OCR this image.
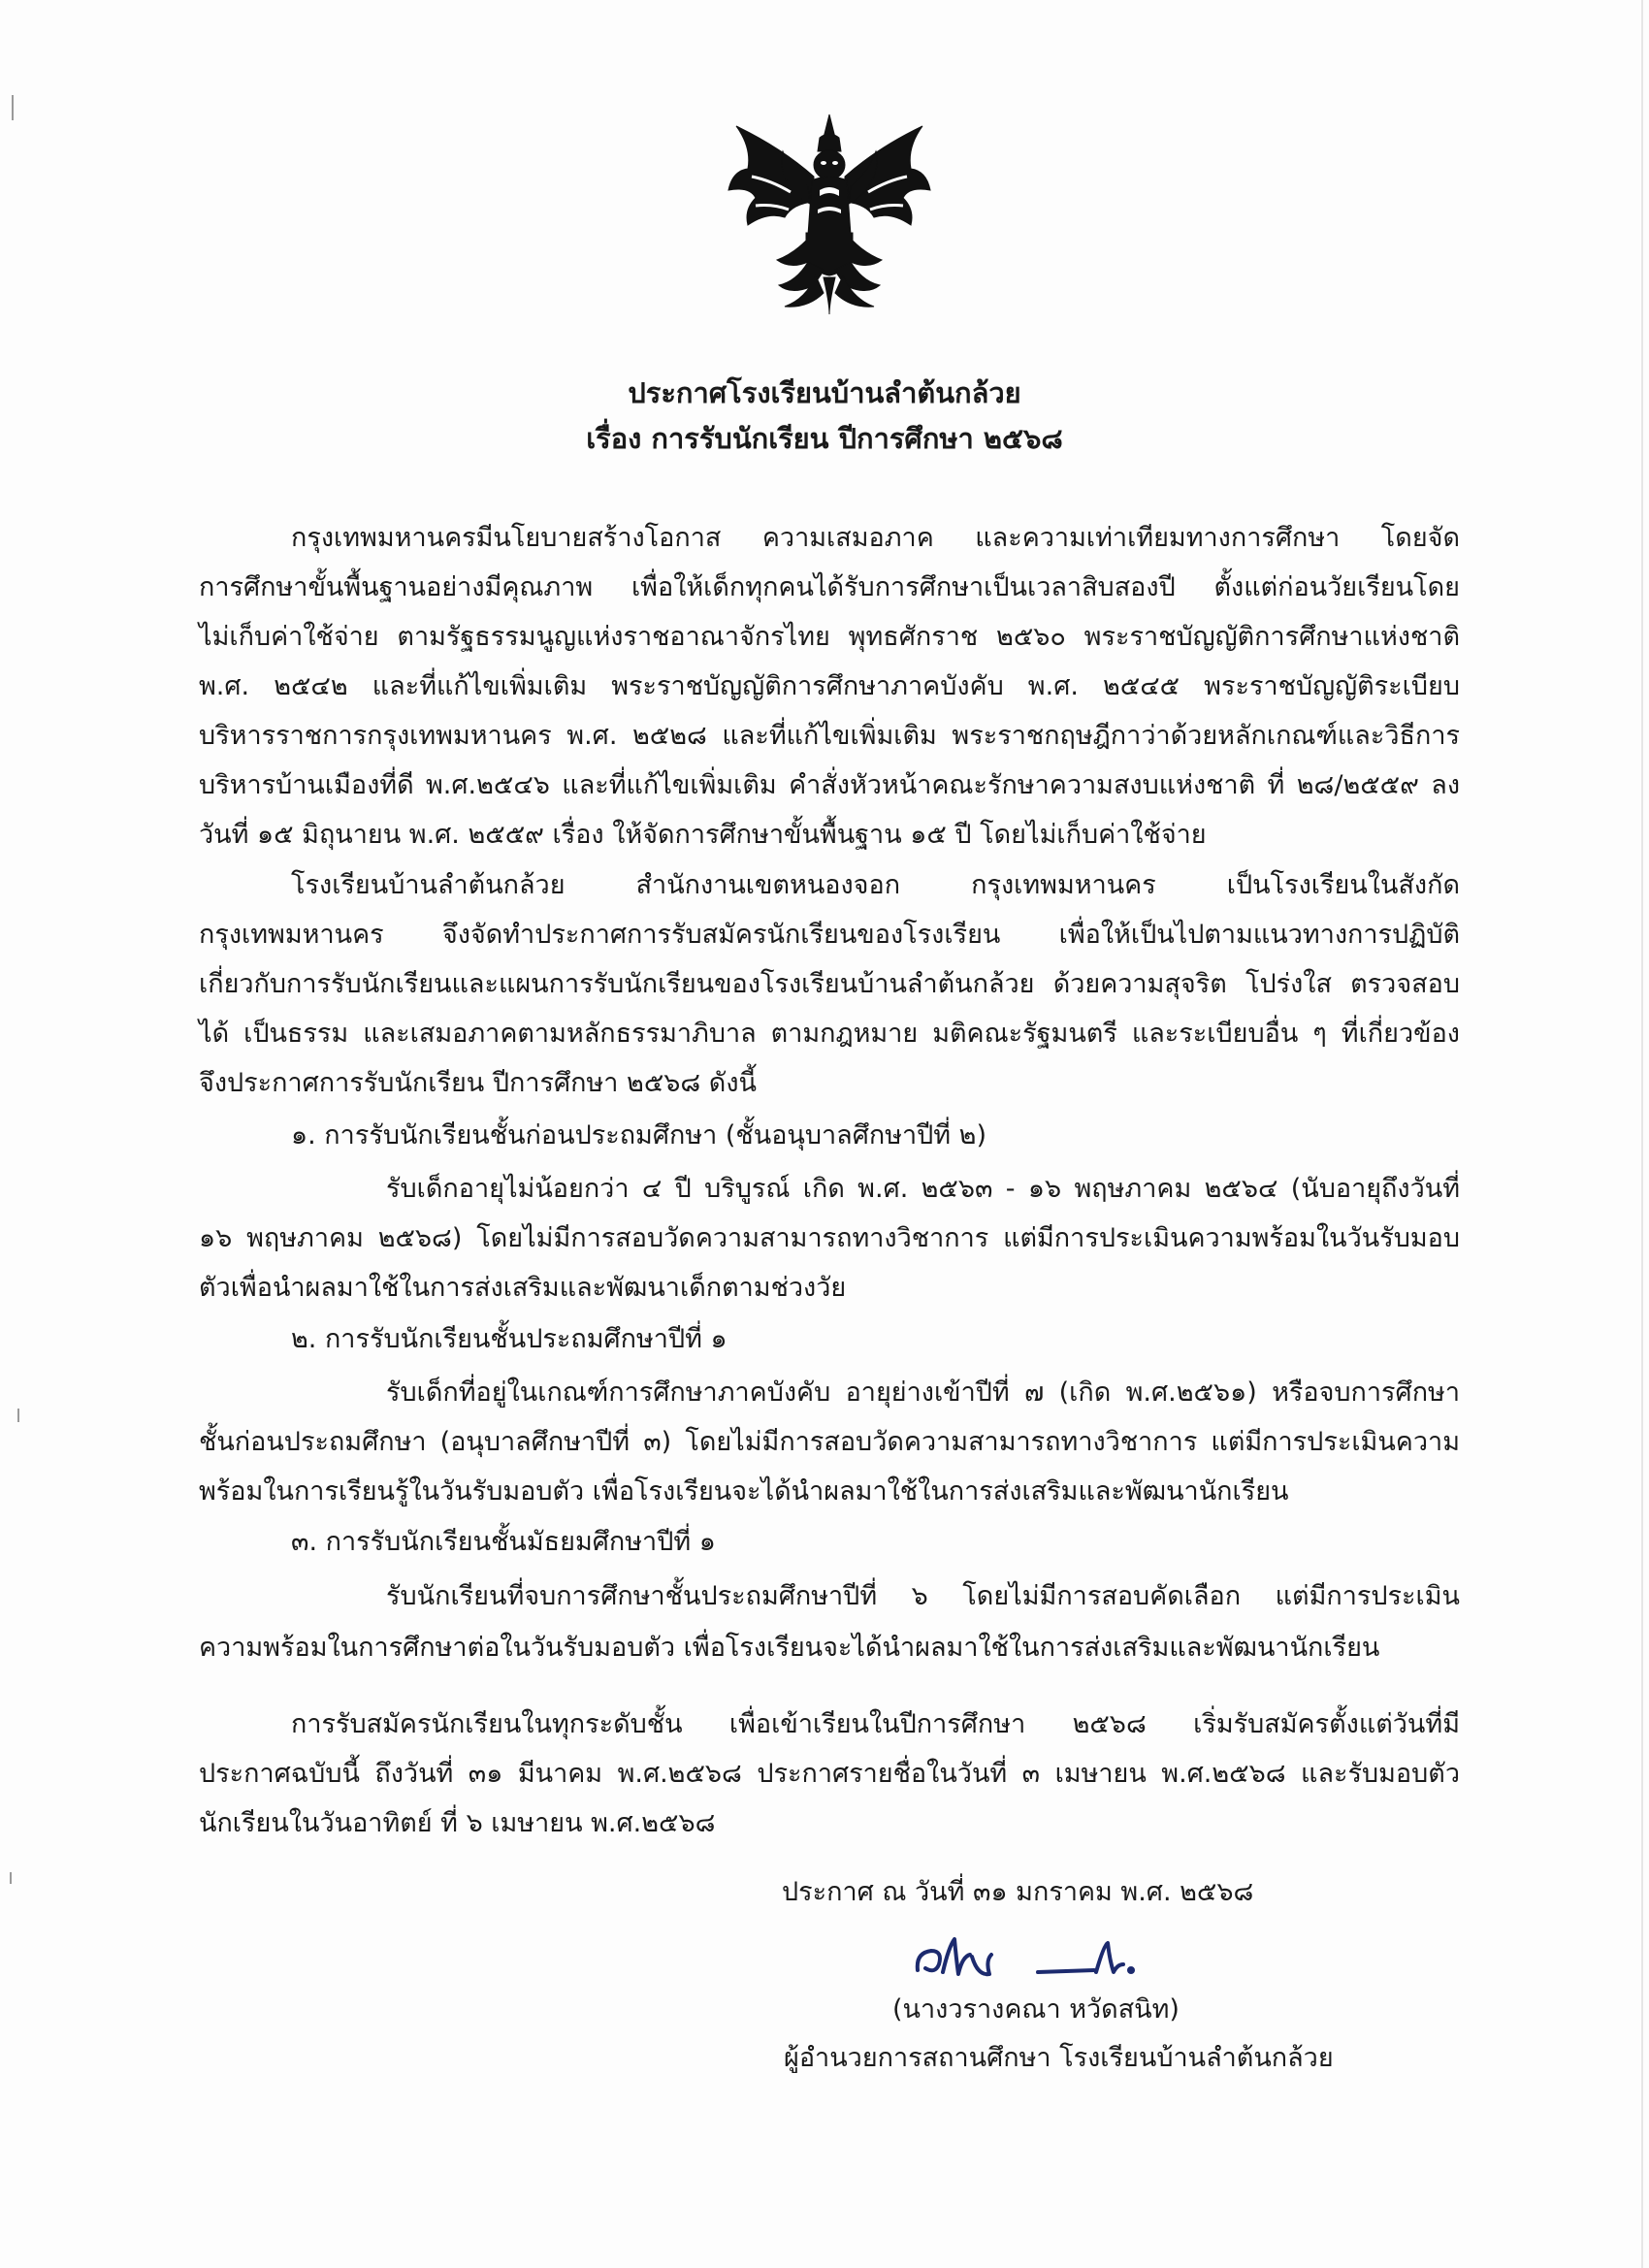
ประกาศโรงเรียนบ้านลำต้นกล้วย
เรื่อง การรับนักเรียน ปีการศึกษา ๒๕๖๘
กรุงเทพมหานครมีนโยบายสร้างโอกาส ความเสมอภาค และความเท่าเทียมทางการศึกษา โดยจัด
การศึกษาขั้นพื้นฐานอย่างมีคุณภาพ เพื่อให้เด็กทุกคนได้รับการศึกษาเป็นเวลาสิบสองปี ตั้งแต่ก่อนวัยเรียนโดย
ไม่เก็บค่าใช้จ่าย ตามรัฐธรรมนูญแห่งราชอาณาจักรไทย พุทธศักราช ๒๕๖๐ พระราชบัญญัติการศึกษาแห่งชาติ
พ.ศ. ๒๕๔๒ และที่แก้ไขเพิ่มเติม พระราชบัญญัติการศึกษาภาคบังคับ พ.ศ. ๒๕๔๕ พระราชบัญญัติระเบียบ
บริหารราชการกรุงเทพมหานคร พ.ศ. ๒๕๒๘ และที่แก้ไขเพิ่มเติม พระราชกฤษฎีกาว่าด้วยหลักเกณฑ์และวิธีการ
บริหารบ้านเมืองที่ดี พ.ศ.๒๕๔๖ และที่แก้ไขเพิ่มเติม คำสั่งหัวหน้าคณะรักษาความสงบแห่งชาติ ที่ ๒๘/๒๕๕๙ ลง
วันที่ ๑๕ มิถุนายน พ.ศ. ๒๕๕๙ เรื่อง ให้จัดการศึกษาขั้นพื้นฐาน ๑๕ ปี โดยไม่เก็บค่าใช้จ่าย
โรงเรียนบ้านลำต้นกล้วย สำนักงานเขตหนองจอก กรุงเทพมหานคร เป็นโรงเรียนในสังกัด
กรุงเทพมหานคร จึงจัดทำประกาศการรับสมัครนักเรียนของโรงเรียน เพื่อให้เป็นไปตามแนวทางการปฏิบัติ
เกี่ยวกับการรับนักเรียนและแผนการรับนักเรียนของโรงเรียนบ้านลำต้นกล้วย ด้วยความสุจริต โปร่งใส ตรวจสอบ
ได้ เป็นธรรม และเสมอภาคตามหลักธรรมาภิบาล ตามกฎหมาย มติคณะรัฐมนตรี และระเบียบอื่น ๆ ที่เกี่ยวข้อง
จึงประกาศการรับนักเรียน ปีการศึกษา ๒๕๖๘ ดังนี้
๑. การรับนักเรียนชั้นก่อนประถมศึกษา (ชั้นอนุบาลศึกษาปีที่ ๒)
รับเด็กอายุไม่น้อยกว่า ๔ ปี บริบูรณ์ เกิด พ.ศ. ๒๕๖๓ - ๑๖ พฤษภาคม ๒๕๖๔ (นับอายุถึงวันที่
๑๖ พฤษภาคม ๒๕๖๘) โดยไม่มีการสอบวัดความสามารถทางวิชาการ แต่มีการประเมินความพร้อมในวันรับมอบ
ตัวเพื่อนำผลมาใช้ในการส่งเสริมและพัฒนาเด็กตามช่วงวัย
๒. การรับนักเรียนชั้นประถมศึกษาปีที่ ๑
รับเด็กที่อยู่ในเกณฑ์การศึกษาภาคบังคับ อายุย่างเข้าปีที่ ๗ (เกิด พ.ศ.๒๕๖๑) หรือจบการศึกษา
ชั้นก่อนประถมศึกษา (อนุบาลศึกษาปีที่ ๓) โดยไม่มีการสอบวัดความสามารถทางวิชาการ แต่มีการประเมินความ
พร้อมในการเรียนรู้ในวันรับมอบตัว เพื่อโรงเรียนจะได้นำผลมาใช้ในการส่งเสริมและพัฒนานักเรียน
๓. การรับนักเรียนชั้นมัธยมศึกษาปีที่ ๑
รับนักเรียนที่จบการศึกษาชั้นประถมศึกษาปีที่ ๖ โดยไม่มีการสอบคัดเลือก แต่มีการประเมิน
ความพร้อมในการศึกษาต่อในวันรับมอบตัว เพื่อโรงเรียนจะได้นำผลมาใช้ในการส่งเสริมและพัฒนานักเรียน
การรับสมัครนักเรียนในทุกระดับชั้น เพื่อเข้าเรียนในปีการศึกษา ๒๕๖๘ เริ่มรับสมัครตั้งแต่วันที่มี
ประกาศฉบับนี้ ถึงวันที่ ๓๑ มีนาคม พ.ศ.๒๕๖๘ ประกาศรายชื่อในวันที่ ๓ เมษายน พ.ศ.๒๕๖๘ และรับมอบตัว
นักเรียนในวันอาทิตย์ ที่ ๖ เมษายน พ.ศ.๒๕๖๘
ประกาศ ณ วันที่ ๓๑ มกราคม พ.ศ. ๒๕๖๘
(นางวรางคณา หวัดสนิท)
ผู้อำนวยการสถานศึกษา โรงเรียนบ้านลำต้นกล้วย
